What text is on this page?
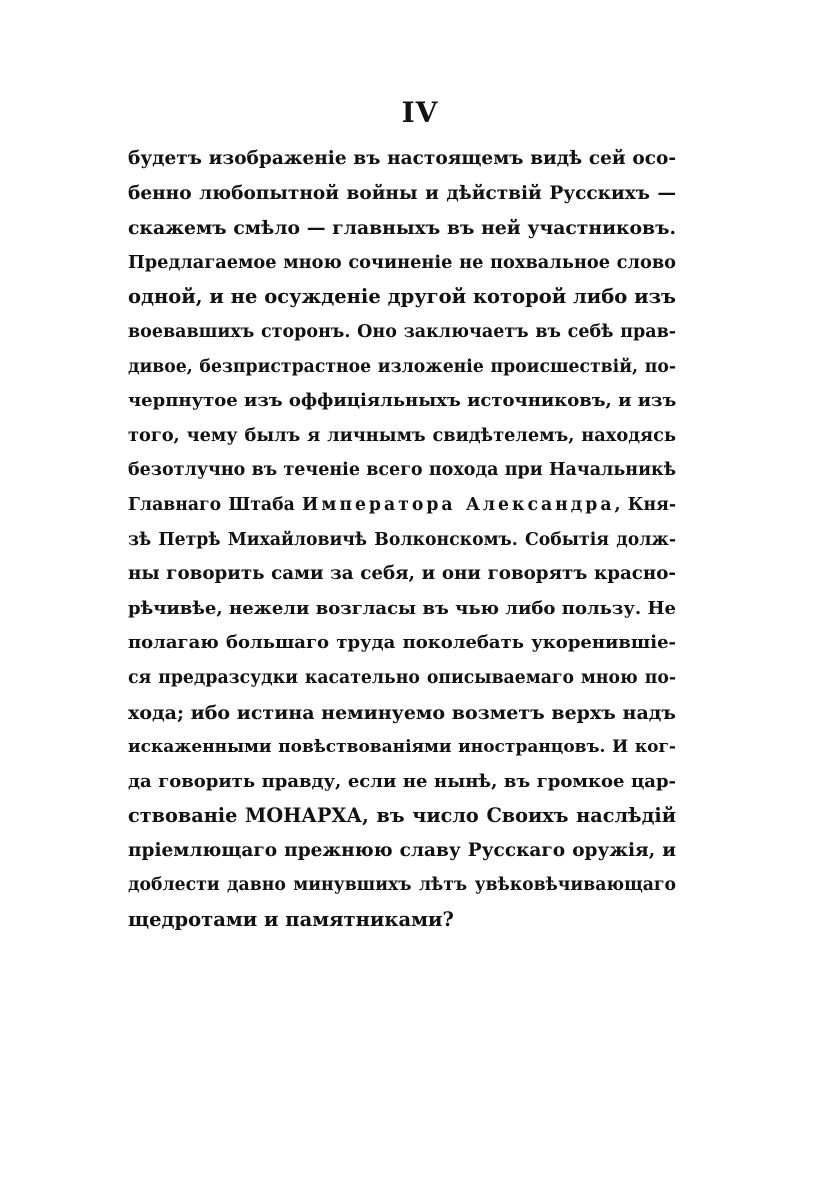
IV
будетъ изображеніе въ настоящемъ видѣ сей осо-
бенно любопытной войны и дѣйствій Русскихъ —
скажемъ смѣло — главныхъ въ ней участниковъ.
Предлагаемое мною сочиненіе не похвальное слово
одной, и не осужденіе другой которой либо изъ
воевавшихъ сторонъ. Оно заключаетъ въ себѣ прав-
дивое, безпристрастное изложеніе происшествій, по-
черпнутое изъ оффиціяльныхъ источниковъ, и изъ
того, чему былъ я личнымъ свидѣтелемъ, находясь
безотлучно въ теченіе всего похода при Начальникѣ
Главнаго Штаба Императора Александра, Кня-
зѣ Петрѣ Михайловичѣ Волконскомъ. Событія долж-
ны говорить сами за себя, и они говорятъ красно-
рѣчивѣе, нежели возгласы въ чью либо пользу. Не
полагаю большаго труда поколебать укоренившіе-
ся предразсудки касательно описываемаго мною по-
хода; ибо истина неминуемо возметъ верхъ надъ
искаженными повѣствованіями иностранцовъ. И ког-
да говорить правду, если не нынѣ, въ громкое цар-
ствованіе МОНАРХА, въ число Своихъ наслѣдій
пріемлющаго прежнюю славу Русскаго оружія, и
доблести давно минувшихъ лѣтъ увѣковѣчивающаго
щедротами и памятниками?
